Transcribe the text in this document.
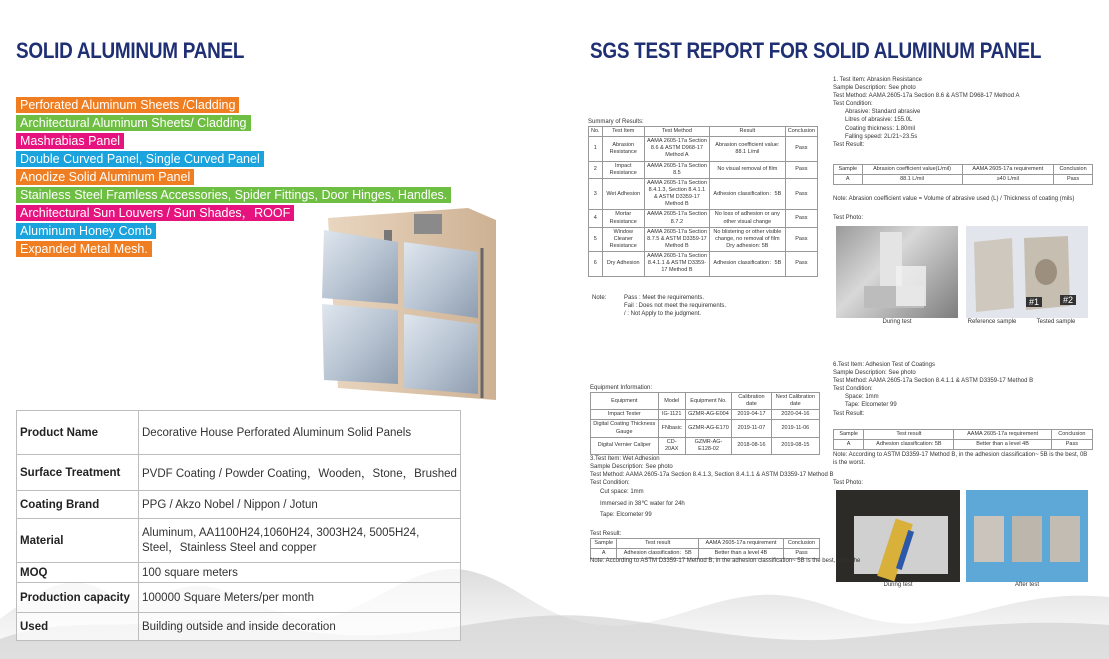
SOLID ALUMINUM PANEL
Perforated Aluminum Sheets /Cladding
Architectural Aluminum Sheets/ Cladding
Mashrabias Panel
Double Curved Panel, Single Curved Panel
Anodize Solid Aluminum Panel
Stainless Steel Framless Accessories, Spider Fittings, Door Hinges, Handles.
Architectural Sun Louvers / Sun Shades，ROOF
Aluminum Honey Comb
Expanded Metal Mesh.
Product Name	Decorative House Perforated Aluminum Solid Panels
Surface Treatment	PVDF Coating / Powder Coating，Wooden，Stone，Brushed
Coating Brand	PPG / Akzo Nobel / Nippon / Jotun
Material	Aluminum, AA1100H24,1060H24, 3003H24, 5005H24, Steel，Stainless Steel and copper
MOQ	100 square meters
Production capacity	100000 Square Meters/per month
Used	Building outside and inside decoration
SGS TEST REPORT FOR SOLID ALUMINUM PANEL
Summary of Results:
No.	Test Item	Test Method	Result	Conclusion
1	Abrasion Resistance	AAMA 2605-17a Section 8.6 & ASTM D968-17 Method A	Abrasion coefficient value: 88.1 L/mil	Pass
2	Impact Resistance	AAMA 2605-17a Section 8.5	No visual removal of film	Pass
3	Wet Adhesion	AAMA 2605-17a Section 8.4.1.3, Section 8.4.1.1 & ASTM D3359-17 Method B	Adhesion classification：5B	Pass
4	Mortar Resistance	AAMA 2605-17a Section 8.7.2	No loss of adhesion or any other visual change	Pass
5	Window Cleaner Resistance	AAMA 2605-17a Section 8.7.5 & ASTM D3359-17 Method B	No blistering or other visible change, no removal of film Dry adhesion: 5B	Pass
6	Dry Adhesion	AAMA 2605-17a Section 8.4.1.1 & ASTM D3359-17 Method B	Adhesion classification：5B	Pass
Note:	Pass : Meet the requirements.
Fail : Does not meet the requirements.
/ : Not Apply to the judgment.
1. Test Item: Abrasion Resistance
Sample Description: See photo
Test Method: AAMA 2605-17a Section 8.6 & ASTM D968-17 Method A
Test Condition:
Abrasive: Standard abrasive
Litres of abrasive: 155.0L
Coating thickness: 1.80mil
Falling speed: 2L/21~23.5s
Test Result:
Sample	Abrasion coefficient value(L/mil)	AAMA 2605-17a requirement	Conclusion
A	88.1 L/mil	≥40 L/mil	Pass
Note: Abrasion coefficient value = Volume of abrasive used (L) / Thickness of coating (mils)
Test Photo:
#1	#2
During test	Reference sample	Tested sample
6.Test Item: Adhesion Test of Coatings
Sample Description: See photo
Test Method: AAMA 2605-17a Section 8.4.1.1 & ASTM D3359-17 Method B
Test Condition:
Space: 1mm
Tape: Elcometer 99
Test Result:
Sample	Test result	AAMA 2605-17a requirement	Conclusion
A	Adhesion classification: 5B	Better than a level 4B	Pass
Note: According to ASTM D3359-17 Method B, in the adhesion classification~ 5B is the best, 0B is the worst.
Test Photo:
During test	After test
Equipment Information:
Equipment	Model	Equipment No.	Calibration date	Next Calibration date
Impact Tester	IG-1121	GZMR-AG-E004	2019-04-17	2020-04-16
Digital Coating Thickness Gauge	FNbasic	GZMR-AG-E170	2019-11-07	2019-11-06
Digital Vernier Caliper	CD-20AX	GZMR-AG-E128-02	2018-08-16	2019-08-15
3.Test Item: Wet Adhesion
Sample Description: See photo
Test Method: AAMA 2605-17a Section 8.4.1.3, Section 8.4.1.1 & ASTM D3359-17 Method B
Test Condition:
Cut space: 1mm
Immersed in 38℃ water for 24h
Tape: Elcometer 99
Test Result:
Sample	Test result	AAMA 2605-17a requirement	Conclusion
A	Adhesion classification：5B	Better than a level 4B	Pass
Note: According to ASTM D3359-17 Method B, in the adhesion classification~ 5B is the best, 0B is the
